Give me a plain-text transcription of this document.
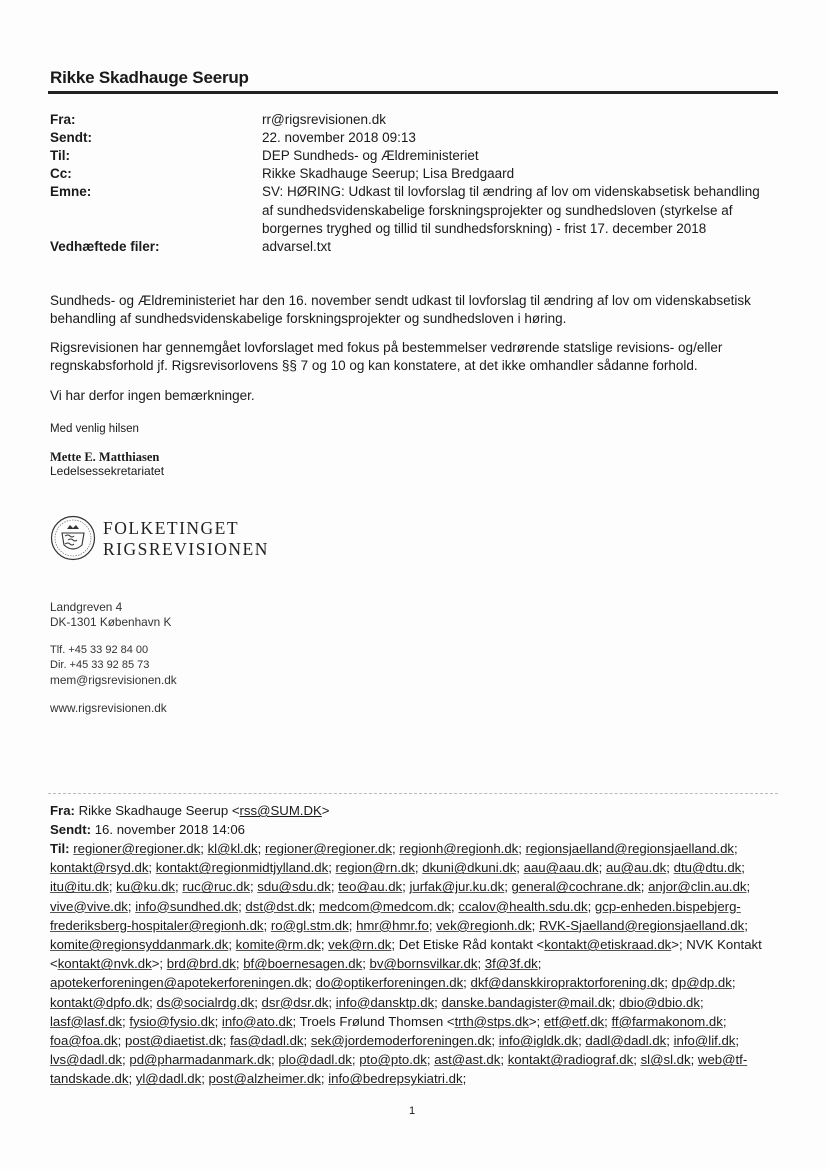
Rikke Skadhauge Seerup
Fra:	rr@rigsrevisionen.dk
Sendt:	22. november 2018 09:13
Til:	DEP Sundheds- og Ældreministeriet
Cc:	Rikke Skadhauge Seerup; Lisa Bredgaard
Emne:	SV: HØRING: Udkast til lovforslag til ændring af lov om videnskabsetisk behandling af sundhedsvidenskabelige forskningsprojekter og sundhedsloven (styrkelse af borgernes tryghed og tillid til sundhedsforskning) - frist 17. december 2018
Vedhæftede filer:	advarsel.txt
Sundheds- og Ældreministeriet har den 16. november sendt udkast til lovforslag til ændring af lov om videnskabsetisk behandling af sundhedsvidenskabelige forskningsprojekter og sundhedsloven i høring.
Rigsrevisionen har gennemgået lovforslaget med fokus på bestemmelser vedrørende statslige revisions- og/eller regnskabsforhold jf. Rigsrevisorlovens §§ 7 og 10 og kan konstatere, at det ikke omhandler sådanne forhold.
Vi har derfor ingen bemærkninger.
Med venlig hilsen
Mette E. Matthiasen
Ledelsessekretariatet
FOLKETINGET
RIGSREVISIONEN
Landgreven 4
DK-1301 København K
Tlf. +45 33 92 84 00
Dir. +45 33 92 85 73
mem@rigsrevisionen.dk
www.rigsrevisionen.dk
Fra: Rikke Skadhauge Seerup <rss@SUM.DK>
Sendt: 16. november 2018 14:06
Til: regioner@regioner.dk; kl@kl.dk; regioner@regioner.dk; regionh@regionh.dk; regionsjaelland@regionsjaelland.dk; kontakt@rsyd.dk; kontakt@regionmidtjylland.dk; region@rn.dk; dkuni@dkuni.dk; aau@aau.dk; au@au.dk; dtu@dtu.dk; itu@itu.dk; ku@ku.dk; ruc@ruc.dk; sdu@sdu.dk; teo@au.dk; jurfak@jur.ku.dk; general@cochrane.dk; anjor@clin.au.dk; vive@vive.dk; info@sundhed.dk; dst@dst.dk; medcom@medcom.dk; ccalov@health.sdu.dk; gcp-enheden.bispebjerg-frederiksberg-hospitaler@regionh.dk; ro@gl.stm.dk; hmr@hmr.fo; vek@regionh.dk; RVK-Sjaelland@regionsjaelland.dk; komite@regionsyddanmark.dk; komite@rm.dk; vek@rn.dk; Det Etiske Råd kontakt <kontakt@etiskraad.dk>; NVK Kontakt <kontakt@nvk.dk>; brd@brd.dk; bf@boernesagen.dk; bv@bornsvilkar.dk; 3f@3f.dk; apotekerforeningen@apotekerforeningen.dk; do@optikerforeningen.dk; dkf@danskkiropraktorforening.dk; dp@dp.dk; kontakt@dpfo.dk; ds@socialrdg.dk; dsr@dsr.dk; info@dansktp.dk; danske.bandagister@mail.dk; dbio@dbio.dk; lasf@lasf.dk; fysio@fysio.dk; info@ato.dk; Troels Frølund Thomsen <trth@stps.dk>; etf@etf.dk; ff@farmakonom.dk; foa@foa.dk; post@diaetist.dk; fas@dadl.dk; sek@jordemoderforeningen.dk; info@igldk.dk; dadl@dadl.dk; info@lif.dk; lvs@dadl.dk; pd@pharmadanmark.dk; plo@dadl.dk; pto@pto.dk; ast@ast.dk; kontakt@radiograf.dk; sl@sl.dk; web@tf-tandskade.dk; yl@dadl.dk; post@alzheimer.dk; info@bedrepsykiatri.dk;
1
